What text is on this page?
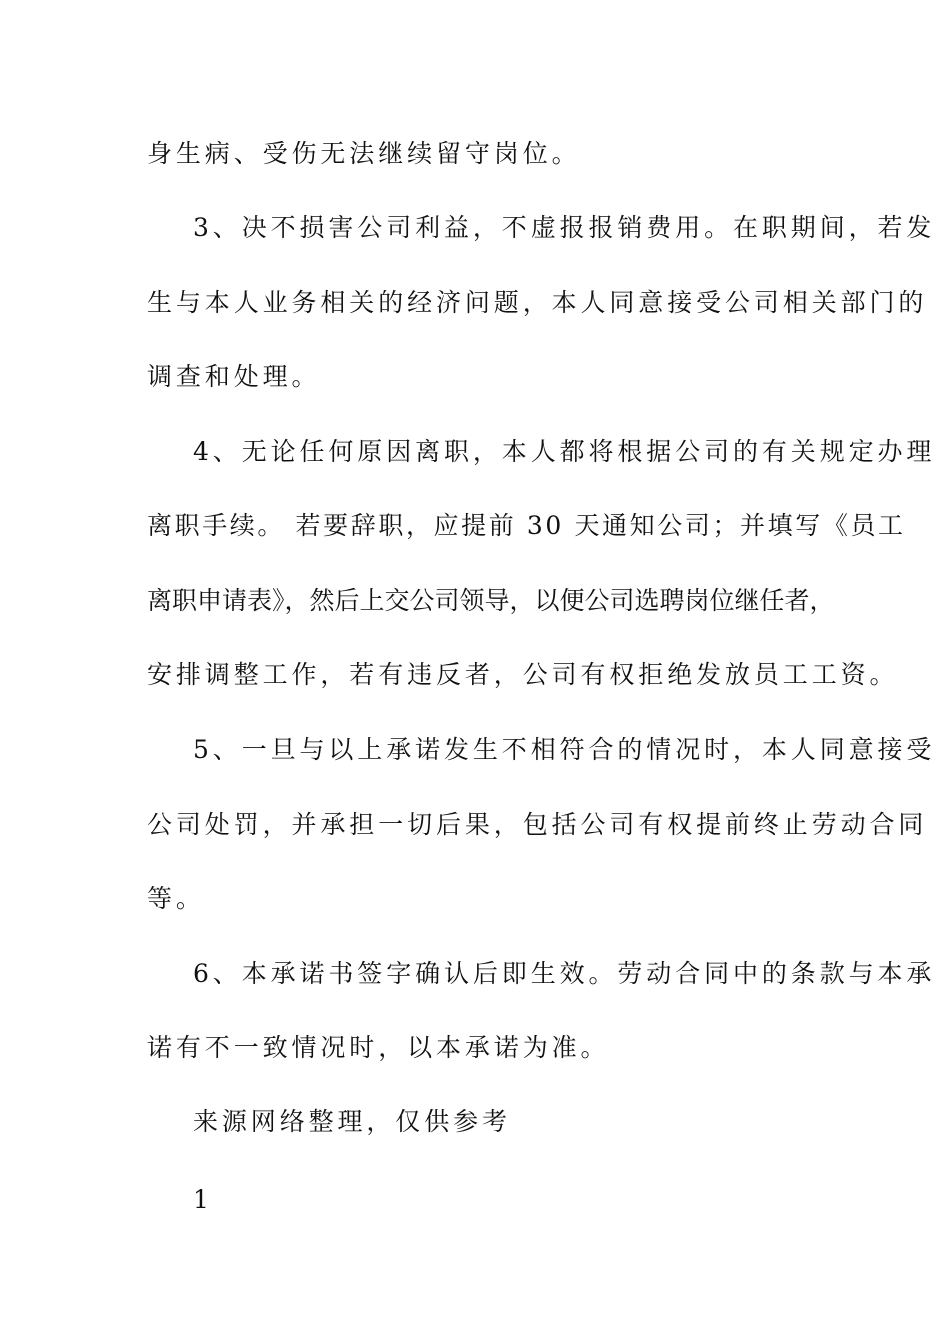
身生病、受伤无法继续留守岗位。
3、决不损害公司利益，不虚报报销费用。在职期间，若发
生与本人业务相关的经济问题，本人同意接受公司相关部门的
调查和处理。
4、无论任何原因离职，本人都将根据公司的有关规定办理
离职手续。 若要辞职，应提前 30 天通知公司；并填写《员工
离职申请表》，然后上交公司领导，以便公司选聘岗位继任者，
安排调整工作，若有违反者，公司有权拒绝发放员工工资。
5、一旦与以上承诺发生不相符合的情况时，本人同意接受
公司处罚，并承担一切后果，包括公司有权提前终止劳动合同
等。
6、本承诺书签字确认后即生效。劳动合同中的条款与本承
诺有不一致情况时，以本承诺为准。
来源网络整理，仅供参考
1
